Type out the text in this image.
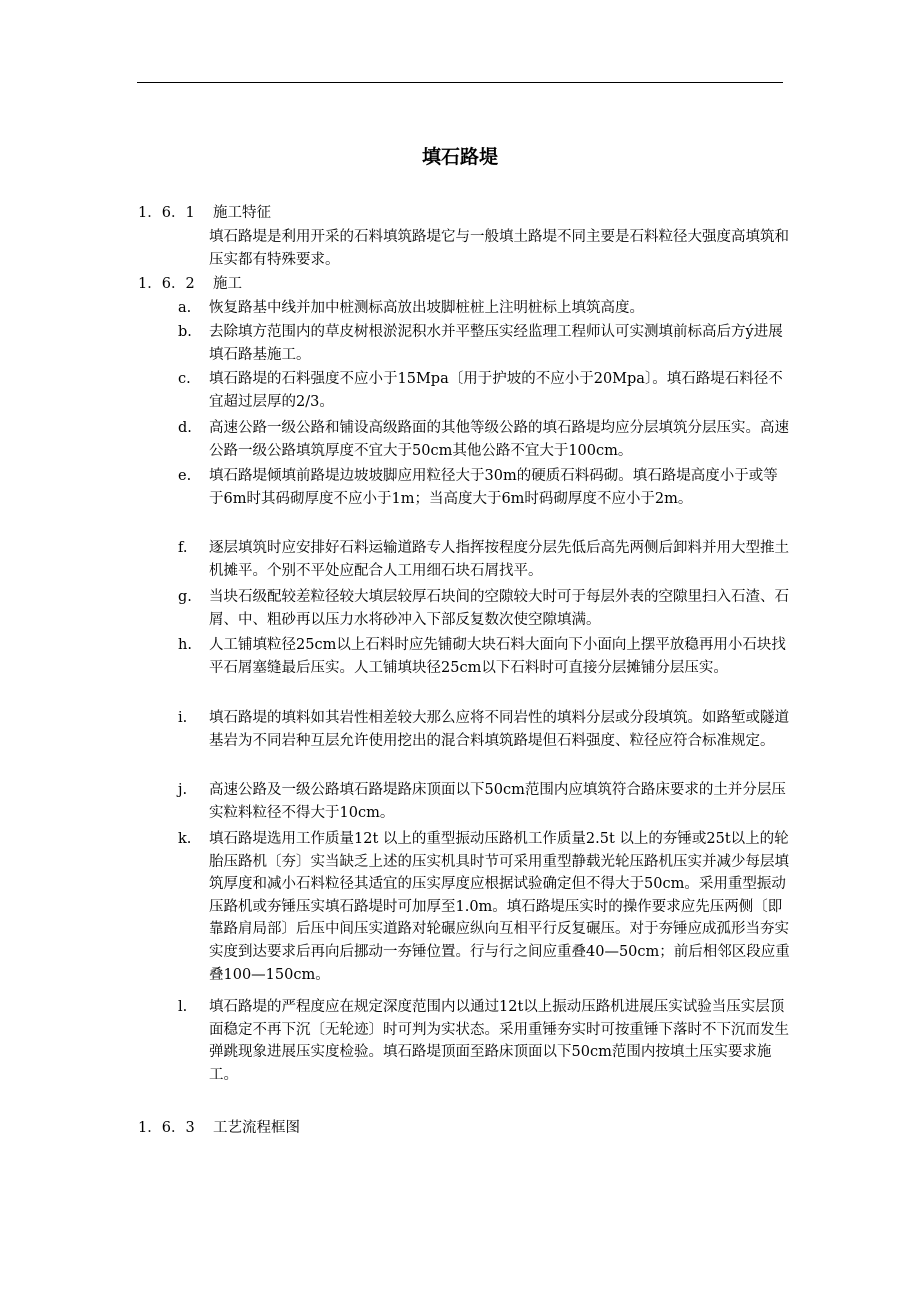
填石路堤
1．6．1 施工特征

填石路堤是利用开采的石料填筑路堤它与一般填土路堤不同主要是石料粒径大强度高填筑和压实都有特殊要求。

1．6．2 施工
a.	恢复路基中线并加中桩测标高放出坡脚桩桩上注明桩标上填筑高度。
b.	去除填方范围内的草皮树根淤泥积水并平整压实经监理工程师认可实测填前标高后方ý进展填石路基施工。
c.	填石路堤的石料强度不应小于15Mpa〔用于护坡的不应小于20Mpa〕。填石路堤石料径不宜超过层厚的2/3。
d.	高速公路一级公路和铺设高级路面的其他等级公路的填石路堤均应分层填筑分层压实。高速公路一级公路填筑厚度不宜大于50cm其他公路不宜大于100cm。
e.	填石路堤倾填前路堤边坡坡脚应用粒径大于30m的硬质石料码砌。填石路堤高度小于或等于6m时其码砌厚度不应小于1m；当高度大于6m时码砌厚度不应小于2m。
f.	逐层填筑时应安排好石料运输道路专人指挥按程度分层先低后高先两侧后卸料并用大型推土机摊平。个别不平处应配合人工用细石块石屑找平。
g.	当块石级配较差粒径较大填层较厚石块间的空隙较大时可于每层外表的空隙里扫入石渣、石屑、中、粗砂再以压力水将砂冲入下部反复数次使空隙填满。
h.	人工铺填粒径25cm以上石料时应先铺砌大块石料大面向下小面向上摆平放稳再用小石块找平石屑塞缝最后压实。人工铺填块径25cm以下石料时可直接分层摊铺分层压实。
i.	填石路堤的填料如其岩性相差较大那么应将不同岩性的填料分层或分段填筑。如路堑或隧道基岩为不同岩种互层允许使用挖出的混合料填筑路堤但石料强度、粒径应符合标准规定。
j.	高速公路及一级公路填石路堤路床顶面以下50cm范围内应填筑符合路床要求的土并分层压实粒料粒径不得大于10cm。
k.	填石路堤选用工作质量12t 以上的重型振动压路机工作质量2.5t 以上的夯锤或25t以上的轮胎压路机〔夯〕实当缺乏上述的压实机具时节可采用重型静载光轮压路机压实并减少每层填筑厚度和减小石料粒径其适宜的压实厚度应根据试验确定但不得大于50cm。采用重型振动压路机或夯锤压实填石路堤时可加厚至1.0m。填石路堤压实时的操作要求应先压两侧〔即靠路肩局部〕后压中间压实道路对轮碾应纵向互相平行反复碾压。对于夯锤应成孤形当夯实实度到达要求后再向后挪动一夯锤位置。行与行之间应重叠40—50cm；前后相邻区段应重叠100—150cm。
l.	填石路堤的严程度应在规定深度范围内以通过12t以上振动压路机进展压实试验当压实层顶面稳定不再下沉〔无轮迹〕时可判为实状态。采用重锤夯实时可按重锤下落时不下沉而发生弹跳现象进展压实度检验。填石路堤顶面至路床顶面以下50cm范围内按填土压实要求施工。
1．6．3 工艺流程框图
